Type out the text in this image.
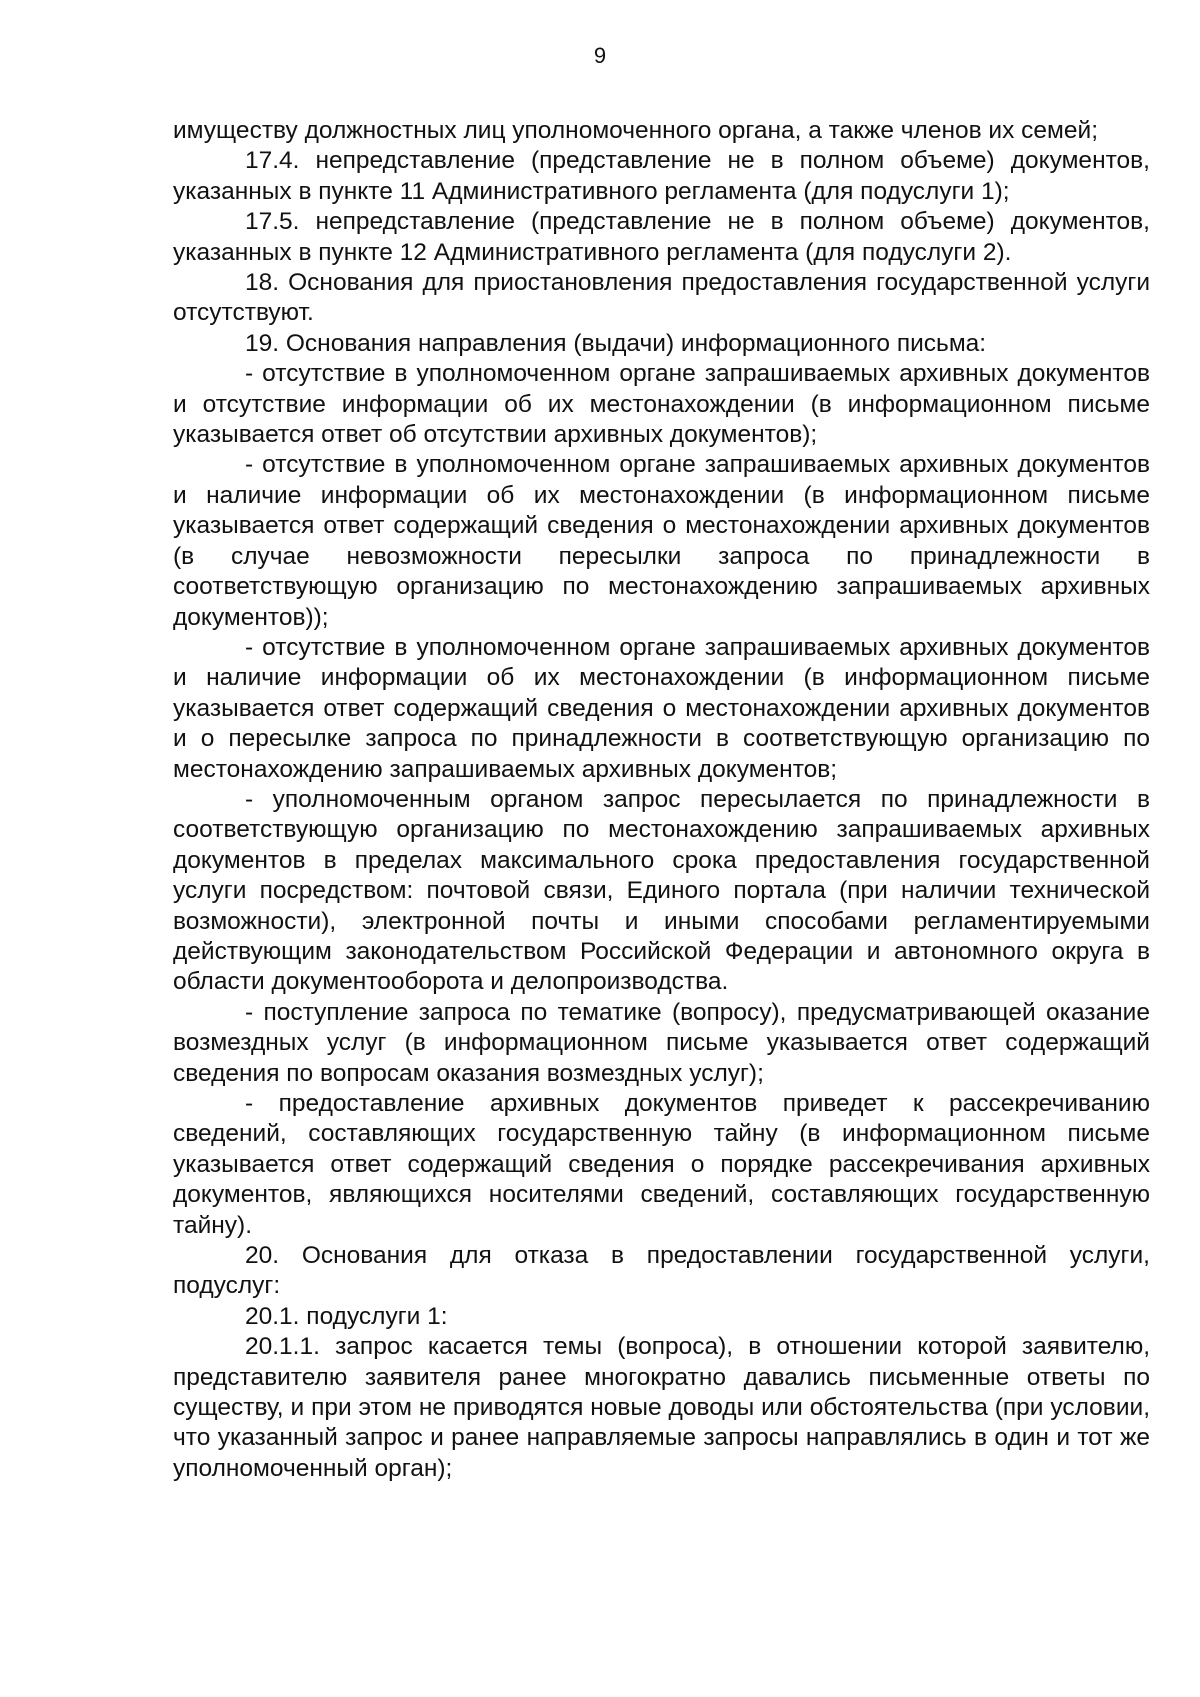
9

имуществу должностных лиц уполномоченного органа, а также членов их семей;

17.4. непредставление (представление не в полном объеме) документов, указанных в пункте 11 Административного регламента (для подуслуги 1);

17.5. непредставление (представление не в полном объеме) документов, указанных в пункте 12 Административного регламента (для подуслуги 2).

18. Основания для приостановления предоставления государственной услуги отсутствуют.

19. Основания направления (выдачи) информационного письма:

- отсутствие в уполномоченном органе запрашиваемых архивных документов и отсутствие информации об их местонахождении (в информационном письме указывается ответ об отсутствии архивных документов);

- отсутствие в уполномоченном органе запрашиваемых архивных документов и наличие информации об их местонахождении (в информационном письме указывается ответ содержащий сведения о местонахождении архивных документов (в случае невозможности пересылки запроса по принадлежности в соответствующую организацию по местонахождению запрашиваемых архивных документов));

- отсутствие в уполномоченном органе запрашиваемых архивных документов и наличие информации об их местонахождении (в информационном письме указывается ответ содержащий сведения о местонахождении архивных документов и о пересылке запроса по принадлежности в соответствующую организацию по местонахождению запрашиваемых архивных документов;

- уполномоченным органом запрос пересылается по принадлежности в соответствующую организацию по местонахождению запрашиваемых архивных документов в пределах максимального срока предоставления государственной услуги посредством: почтовой связи, Единого портала (при наличии технической возможности), электронной почты и иными способами регламентируемыми действующим законодательством Российской Федерации и автономного округа в области документооборота и делопроизводства.

- поступление запроса по тематике (вопросу), предусматривающей оказание возмездных услуг (в информационном письме указывается ответ содержащий сведения по вопросам оказания возмездных услуг);

- предоставление архивных документов приведет к рассекречиванию сведений, составляющих государственную тайну (в информационном письме указывается ответ содержащий сведения о порядке рассекречивания архивных документов, являющихся носителями сведений, составляющих государственную тайну).

20. Основания для отказа в предоставлении государственной услуги, подуслуг:

20.1. подуслуги 1:

20.1.1. запрос касается темы (вопроса), в отношении которой заявителю, представителю заявителя ранее многократно давались письменные ответы по существу, и при этом не приводятся новые доводы или обстоятельства (при условии, что указанный запрос и ранее направляемые запросы направлялись в один и тот же уполномоченный орган);
